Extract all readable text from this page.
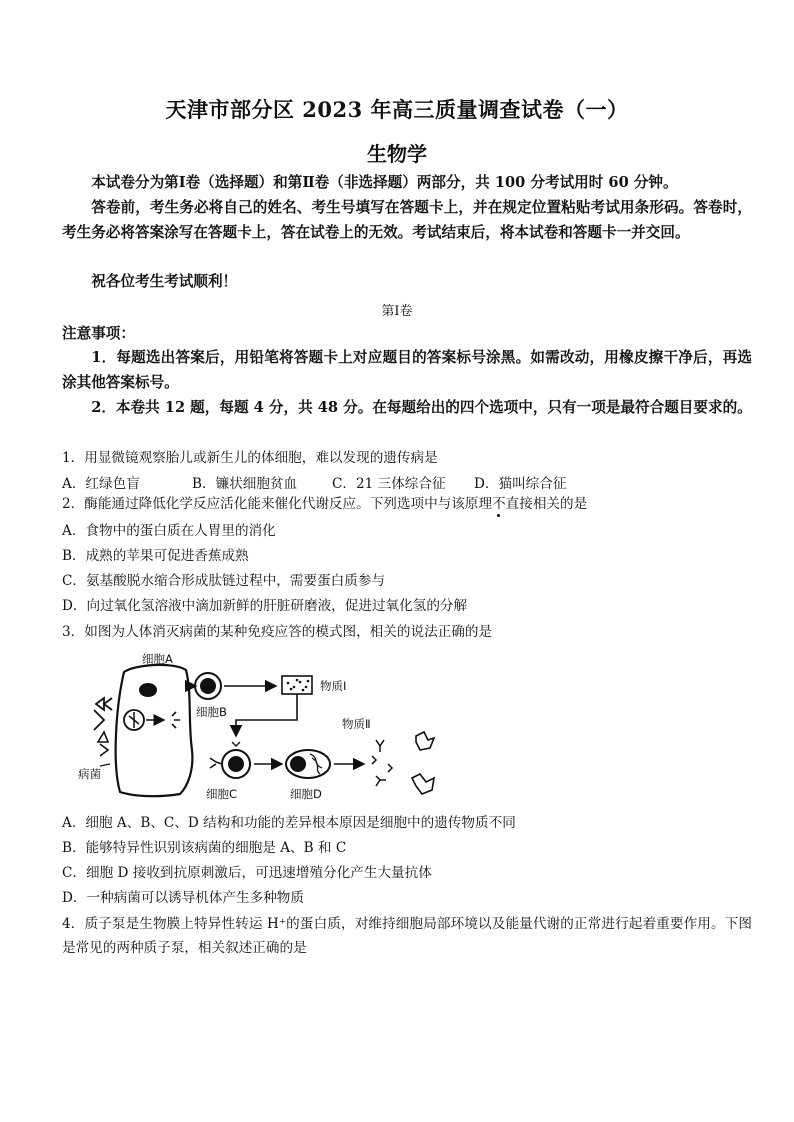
天津市部分区 2023 年高三质量调查试卷（一）
生物学
本试卷分为第Ⅰ卷（选择题）和第Ⅱ卷（非选择题）两部分，共 100 分考试用时 60 分钟。
答卷前，考生务必将自己的姓名、考生号填写在答题卡上，并在规定位置粘贴考试用条形码。答卷时，考生务必将答案涂写在答题卡上，答在试卷上的无效。考试结束后，将本试卷和答题卡一并交回。
祝各位考生考试顺利！
第Ⅰ卷
注意事项：
1．每题选出答案后，用铅笔将答题卡上对应题目的答案标号涂黑。如需改动，用橡皮擦干净后，再选涂其他答案标号。
2．本卷共 12 题，每题 4 分，共 48 分。在每题给出的四个选项中，只有一项是最符合题目要求的。
1．用显微镜观察胎儿或新生儿的体细胞，难以发现的遗传病是
A．红绿色盲	B．镰状细胞贫血	C．21 三体综合征 D．猫叫综合征
2．酶能通过降低化学反应活化能来催化代谢反应。下列选项中与该原理不直接相关的是
A．食物中的蛋白质在人胃里的消化
B．成熟的苹果可促进香蕉成熟
C．氨基酸脱水缩合形成肽链过程中，需要蛋白质参与
D．向过氧化氢溶液中滴加新鲜的肝脏研磨液，促进过氧化氢的分解
3．如图为人体消灭病菌的某种免疫应答的模式图，相关的说法正确的是
细胞A
病菌
细胞B
物质Ⅰ
细胞C	细胞D
物质Ⅱ
A．细胞 A、B、C、D 结构和功能的差异根本原因是细胞中的遗传物质不同
B．能够特异性识别该病菌的细胞是 A、B 和 C
C．细胞 D 接收到抗原刺激后，可迅速增殖分化产生大量抗体
D．一种病菌可以诱导机体产生多种物质
4．质子泵是生物膜上特异性转运 H⁺的蛋白质，对维持细胞局部环境以及能量代谢的正常进行起着重要作用。下图是常见的两种质子泵，相关叙述正确的是
